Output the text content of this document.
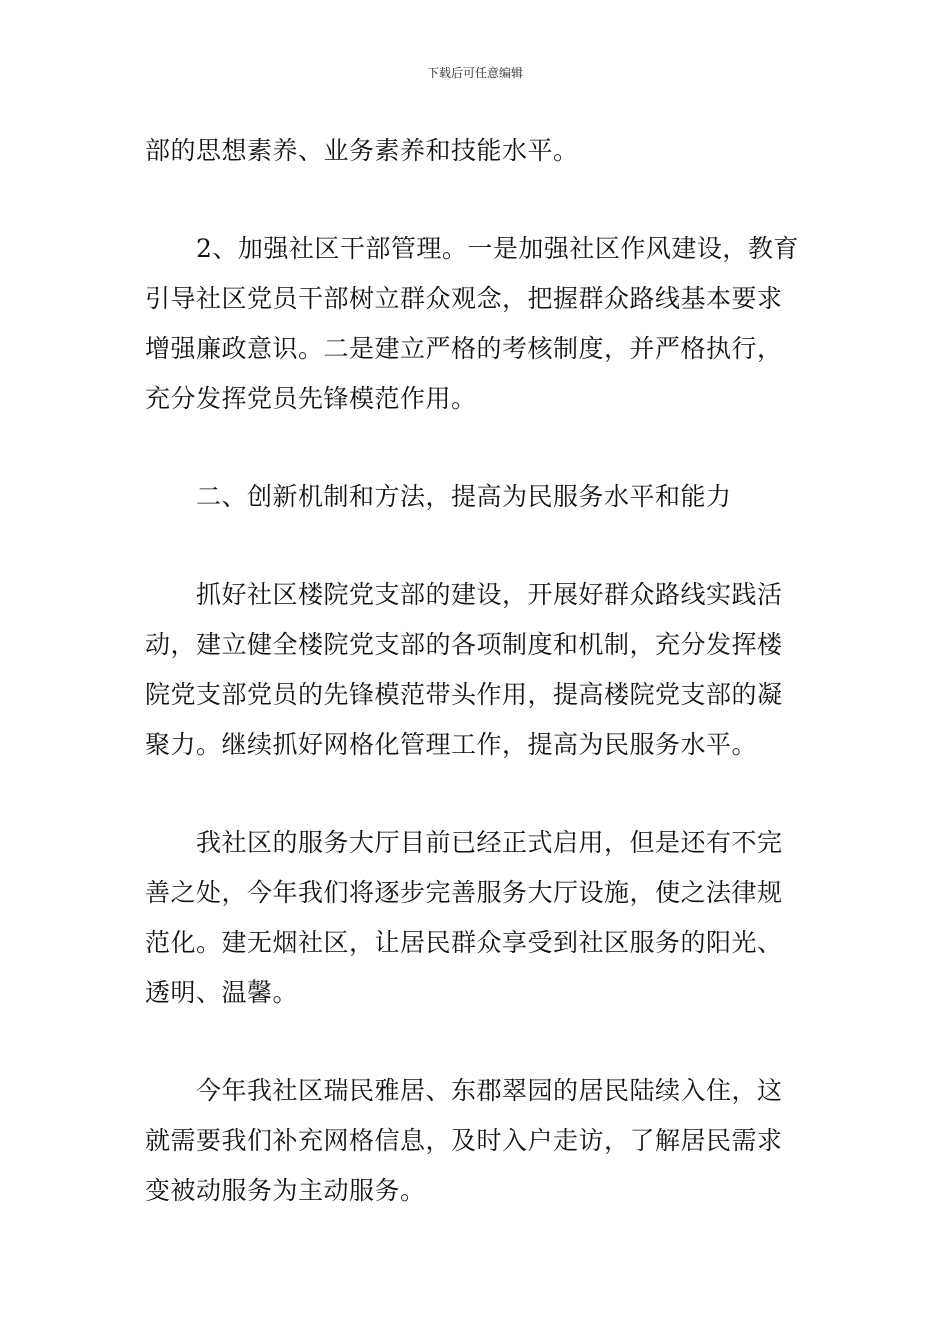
下载后可任意编辑
部的思想素养、业务素养和技能水平。
2、加强社区干部管理。一是加强社区作风建设，教育
引导社区党员干部树立群众观念，把握群众路线基本要求
增强廉政意识。二是建立严格的考核制度，并严格执行，
充分发挥党员先锋模范作用。
二、创新机制和方法，提高为民服务水平和能力
抓好社区楼院党支部的建设，开展好群众路线实践活
动，建立健全楼院党支部的各项制度和机制，充分发挥楼
院党支部党员的先锋模范带头作用，提高楼院党支部的凝
聚力。继续抓好网格化管理工作，提高为民服务水平。
我社区的服务大厅目前已经正式启用，但是还有不完
善之处，今年我们将逐步完善服务大厅设施，使之法律规
范化。建无烟社区，让居民群众享受到社区服务的阳光、
透明、温馨。
今年我社区瑞民雅居、东郡翠园的居民陆续入住，这
就需要我们补充网格信息，及时入户走访，了解居民需求
变被动服务为主动服务。
